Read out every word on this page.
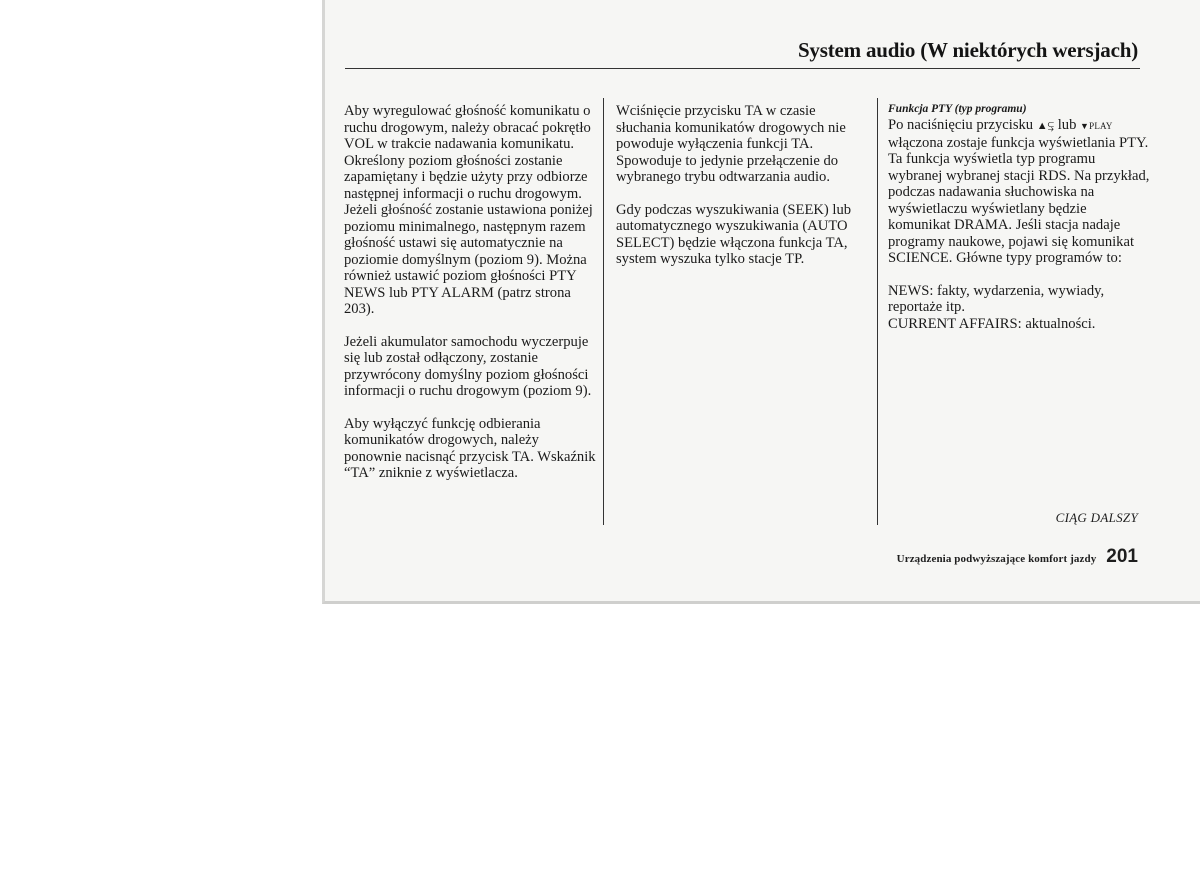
System audio (W niektórych wersjach)

Aby wyregulować głośność komunikatu o ruchu drogowym, należy obracać pokrętło VOL w trakcie nadawania komunikatu. Określony poziom głośności zostanie zapamiętany i będzie użyty przy odbiorze następnej informacji o ruchu drogowym. Jeżeli głośność zostanie ustawiona poniżej poziomu minimalnego, następnym razem głośność ustawi się automatycznie na poziomie domyślnym (poziom 9). Można również ustawić poziom głośności PTY NEWS lub PTY ALARM (patrz strona 203).

Jeżeli akumulator samochodu wyczerpuje się lub został odłączony, zostanie przywrócony domyślny poziom głośności informacji o ruchu drogowym (poziom 9).

Aby wyłączyć funkcję odbierania komunikatów drogowych, należy ponownie nacisnąć przycisk TA. Wskaźnik “TA” zniknie z wyświetlacza.

Wciśnięcie przycisku TA w czasie słuchania komunikatów drogowych nie powoduje wyłączenia funkcji TA. Spowoduje to jedynie przełączenie do wybranego trybu odtwarzania audio.

Gdy podczas wyszukiwania (SEEK) lub automatycznego wyszukiwania (AUTO SELECT) będzie włączona funkcja TA, system wyszuka tylko stacje TP.

Funkcja PTY (typ programu)

Po naciśnięciu przycisku ▲⥹ lub ▼PLAY włączona zostaje funkcja wyświetlania PTY. Ta funkcja wyświetla typ programu wybranej wybranej stacji RDS. Na przykład, podczas nadawania słuchowiska na wyświetlaczu wyświetlany będzie komunikat DRAMA. Jeśli stacja nadaje programy naukowe, pojawi się komunikat SCIENCE. Główne typy programów to:

NEWS: fakty, wydarzenia, wywiady, reportaże itp.
CURRENT AFFAIRS: aktualności.

CIĄG DALSZY
Urządzenia podwyższające komfort jazdy 201
